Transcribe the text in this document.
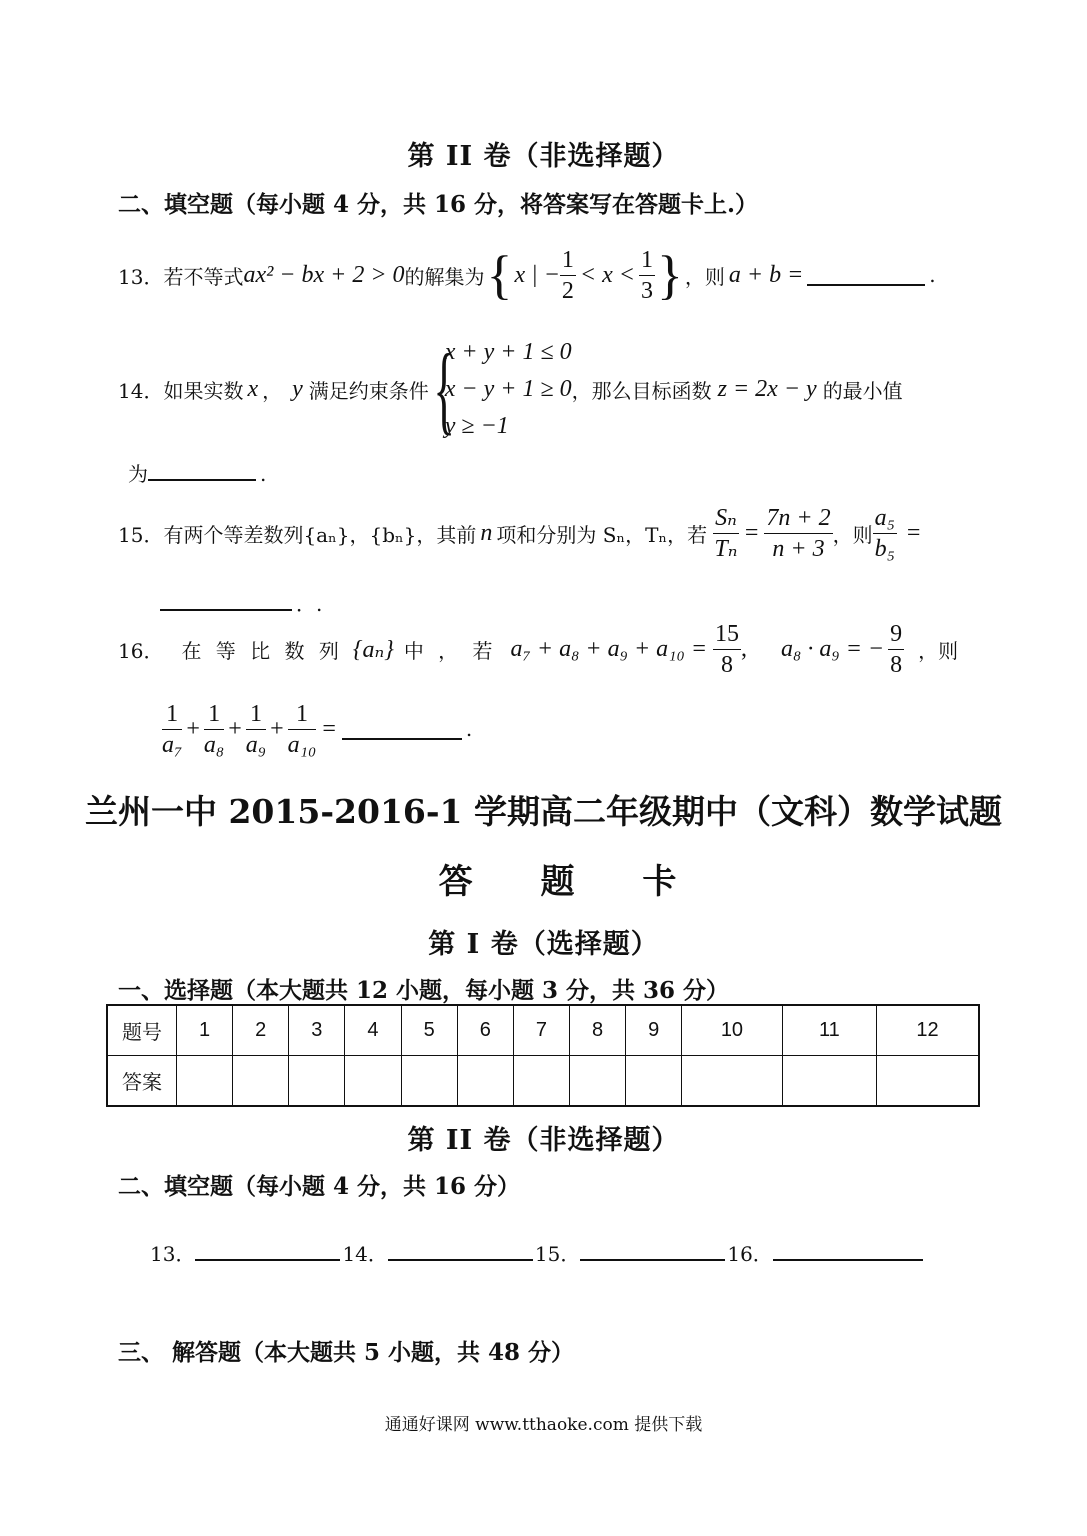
第 II 卷（非选择题）
二、填空题（每小题 4 分，共 16 分，将答案写在答题卡上.）
13． 若不等式 ax² − bx + 2 > 0 的解集为 { x | − $\frac{1}{2} < x < \frac{1}{3}$ } ，则 a + b =	.
14． 如果实数 x ， y 满足约束条件 {
x + y + 1 ≤ 0
x − y + 1 ≥ 0
y ≥ −1
，那么目标函数 z = 2x − y 的最小值
为	.
15． 有两个等差数列{aₙ}，{bₙ}，其前 n 项和分别为 Sₙ，Tₙ，若 $\frac{\text{Sₙ}}{\text{Tₙ}} = \frac{7n + 2}{n + 3}$ ，则 $\frac{\text{a₅}}{\text{b₅}}$ =
．.
16． 在 等 比 数 列 {aₙ} 中 ， 若 $a_7 + a_8 + a_9 + a_{10} = \frac{15}{8}$ , a₈ · a₉ = − $\frac{9}{8}$ ，则
$\frac{1}{\text{a₇}} + \frac{1}{\text{a₈}} + \frac{1}{\text{a₉}} + \frac{1}{\text{a₁₀}}$ =	.
兰州一中 2015-2016-1 学期高二年级期中（文科）数学试题
答 题 卡
第 I 卷（选择题）
一、选择题（本大题共 12 小题，每小题 3 分，共 36 分）
题号	1	2	3	4	5	6	7	8	9	10	11	12
答案												
第 II 卷（非选择题）
二、填空题（每小题 4 分，共 16 分）
13．	14．	15．	16．
三、 解答题（本大题共 5 小题，共 48 分）
通通好课网 www.tthaoke.com 提供下载
